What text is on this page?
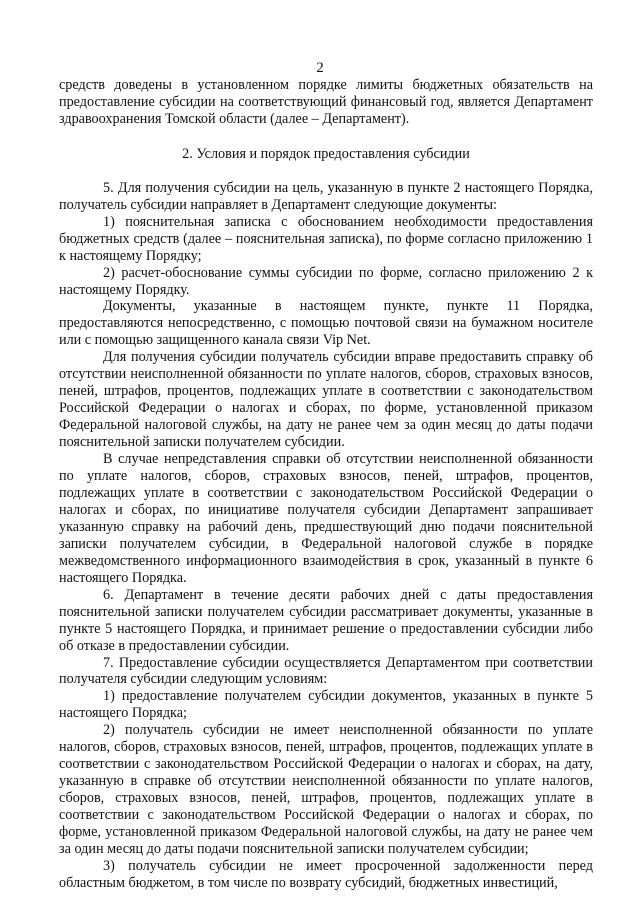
2

средств доведены в установленном порядке лимиты бюджетных обязательств на предоставление субсидии на соответствующий финансовый год, является Департамент здравоохранения Томской области (далее – Департамент).

2. Условия и порядок предоставления субсидии

5. Для получения субсидии на цель, указанную в пункте 2 настоящего Порядка, получатель субсидии направляет в Департамент следующие документы:

1) пояснительная записка с обоснованием необходимости предоставления бюджетных средств (далее – пояснительная записка), по форме согласно приложению 1 к настоящему Порядку;

2) расчет-обоснование суммы субсидии по форме, согласно приложению 2 к настоящему Порядку.

Документы, указанные в настоящем пункте, пункте 11 Порядка, предоставляются непосредственно, с помощью почтовой связи на бумажном носителе или с помощью защищенного канала связи Vip Net.

Для получения субсидии получатель субсидии вправе предоставить справку об отсутствии неисполненной обязанности по уплате налогов, сборов, страховых взносов, пеней, штрафов, процентов, подлежащих уплате в соответствии с законодательством Российской Федерации о налогах и сборах, по форме, установленной приказом Федеральной налоговой службы, на дату не ранее чем за один месяц до даты подачи пояснительной записки получателем субсидии.

В случае непредставления справки об отсутствии неисполненной обязанности по уплате налогов, сборов, страховых взносов, пеней, штрафов, процентов, подлежащих уплате в соответствии с законодательством Российской Федерации о налогах и сборах, по инициативе получателя субсидии Департамент запрашивает указанную справку на рабочий день, предшествующий дню подачи пояснительной записки получателем субсидии, в Федеральной налоговой службе в порядке межведомственного информационного взаимодействия в срок, указанный в пункте 6 настоящего Порядка.

6. Департамент в течение десяти рабочих дней с даты предоставления пояснительной записки получателем субсидии рассматривает документы, указанные в пункте 5 настоящего Порядка, и принимает решение о предоставлении субсидии либо об отказе в предоставлении субсидии.

7. Предоставление субсидии осуществляется Департаментом при соответствии получателя субсидии следующим условиям:

1) предоставление получателем субсидии документов, указанных в пункте 5 настоящего Порядка;

2) получатель субсидии не имеет неисполненной обязанности по уплате налогов, сборов, страховых взносов, пеней, штрафов, процентов, подлежащих уплате в соответствии с законодательством Российской Федерации о налогах и сборах, на дату, указанную в справке об отсутствии неисполненной обязанности по уплате налогов, сборов, страховых взносов, пеней, штрафов, процентов, подлежащих уплате в соответствии с законодательством Российской Федерации о налогах и сборах, по форме, установленной приказом Федеральной налоговой службы, на дату не ранее чем за один месяц до даты подачи пояснительной записки получателем субсидии;

3) получатель субсидии не имеет просроченной задолженности перед областным бюджетом, в том числе по возврату субсидий, бюджетных инвестиций,
